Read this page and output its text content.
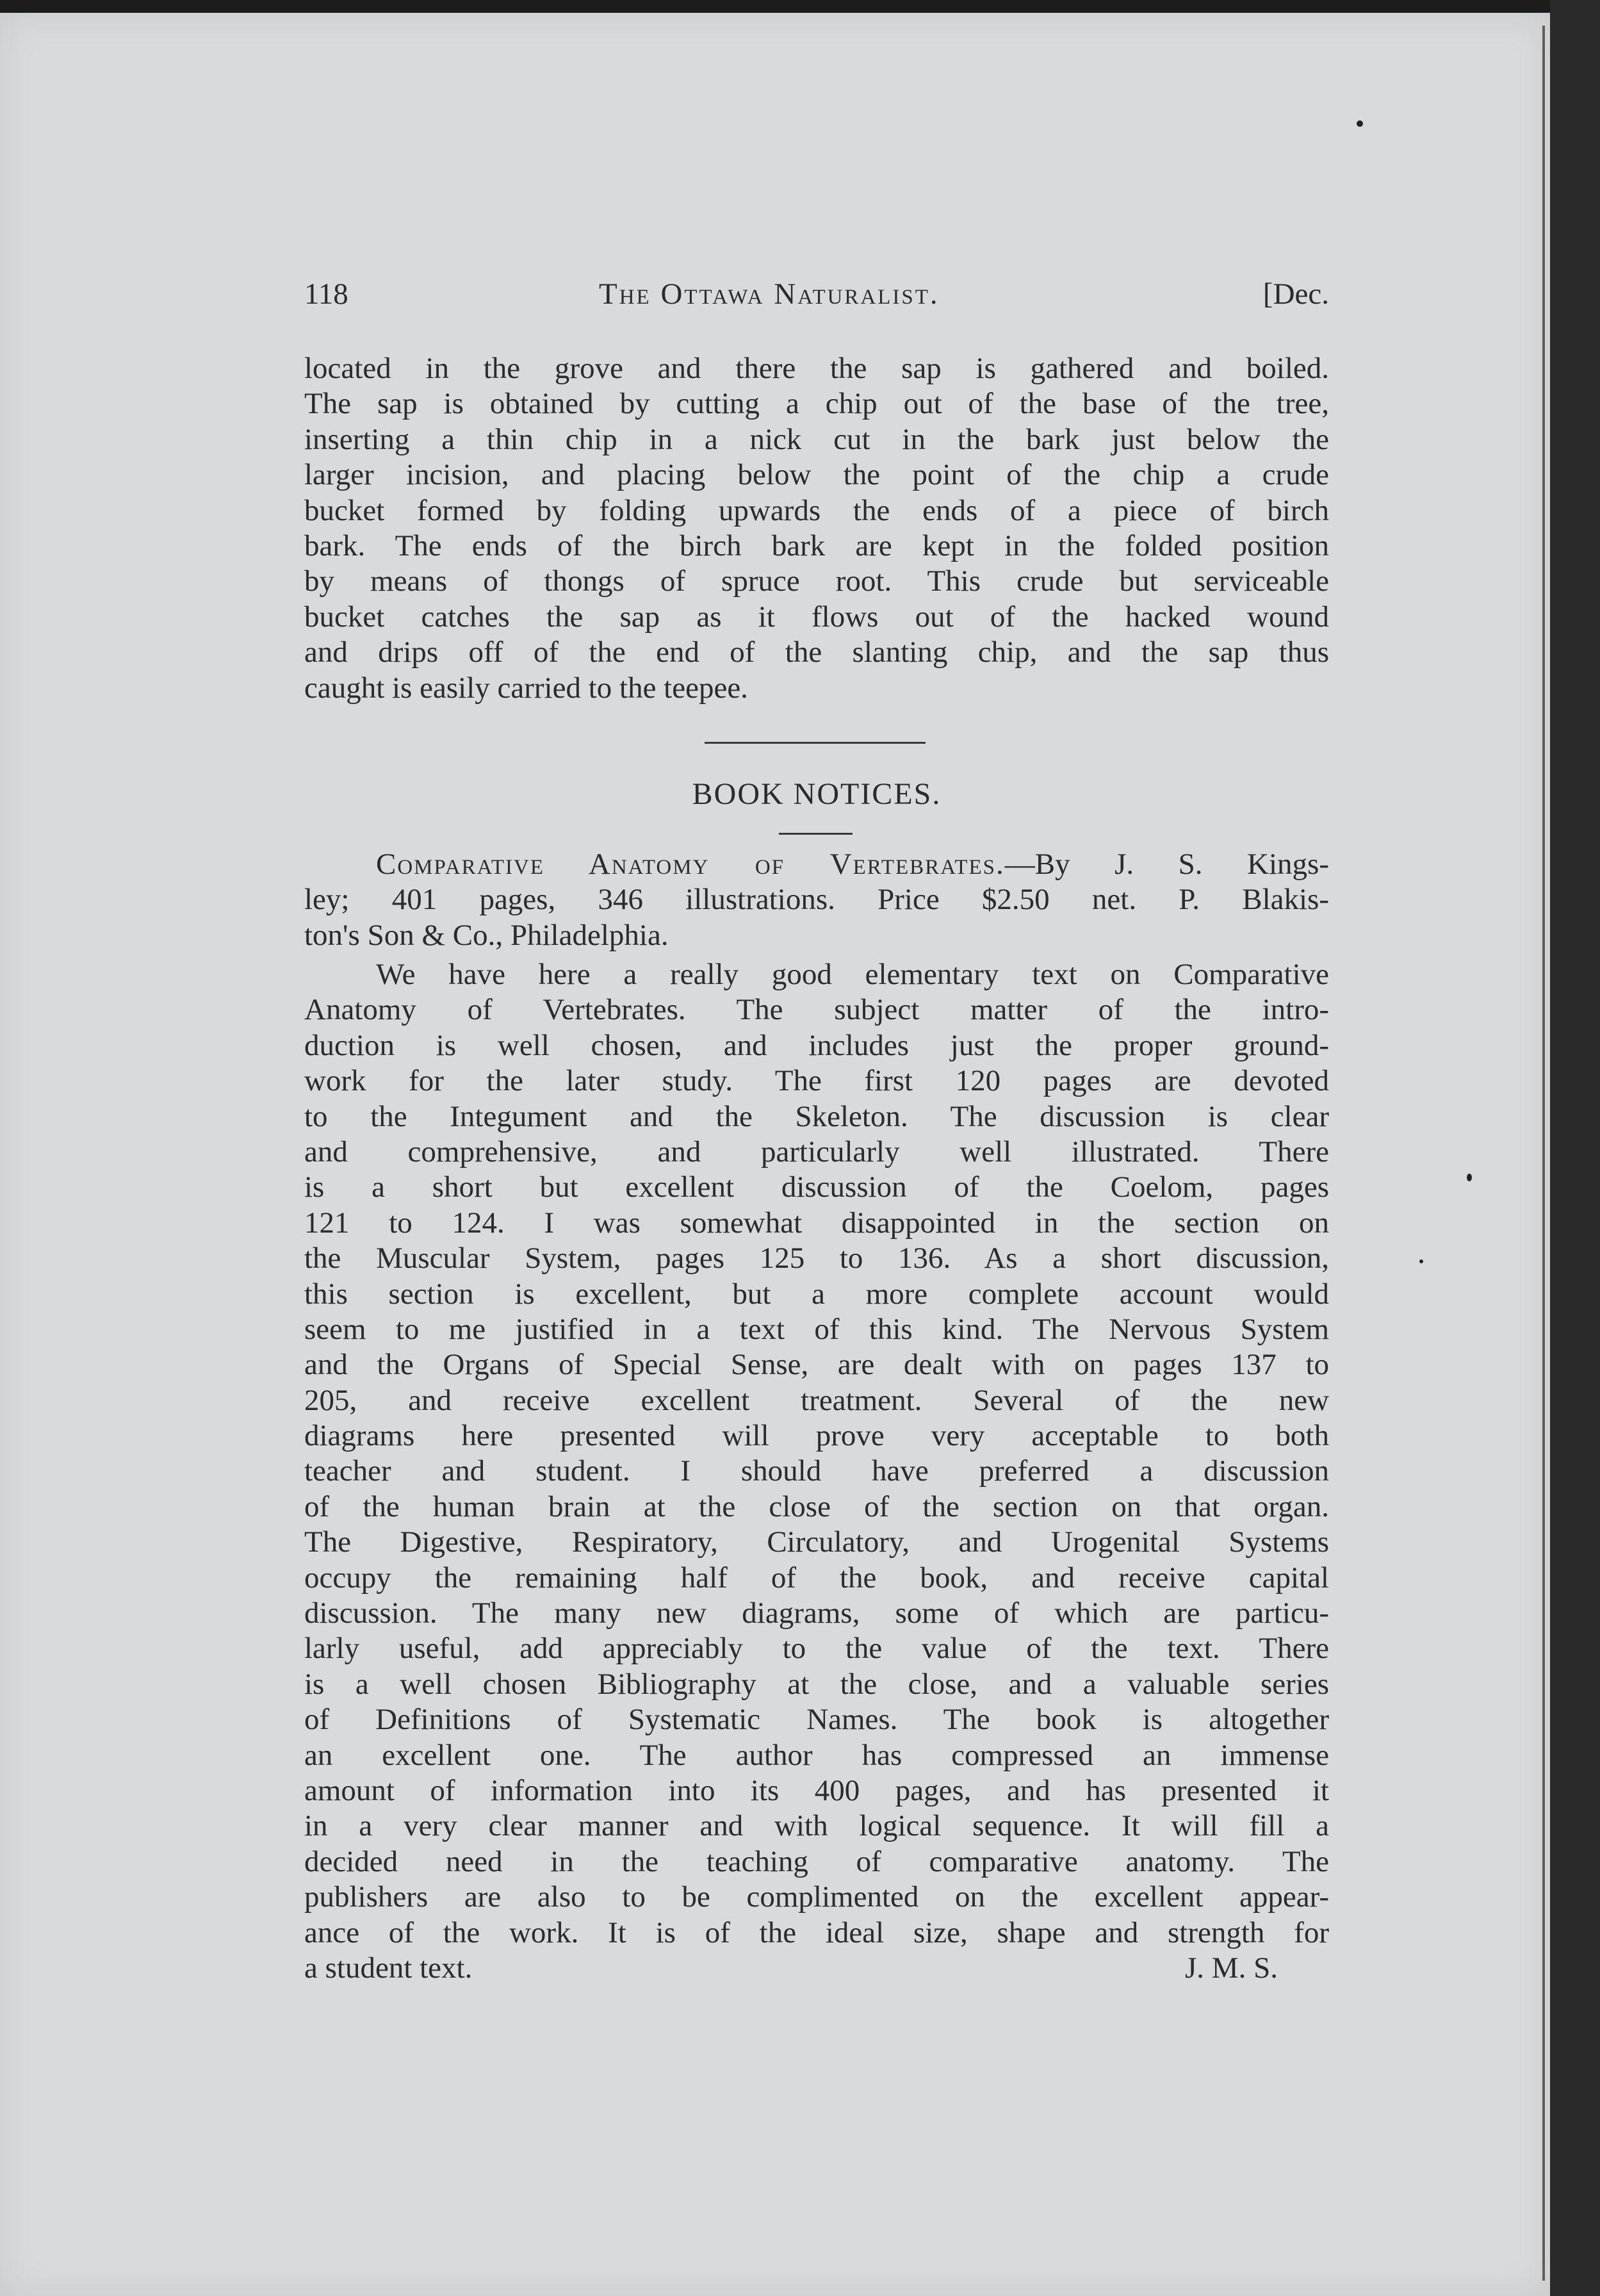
118	The Ottawa Naturalist.	[Dec.
located in the grove and there the sap is gathered and boiled.
The sap is obtained by cutting a chip out of the base of the tree,
inserting a thin chip in a nick cut in the bark just below the
larger incision, and placing below the point of the chip a crude
bucket formed by folding upwards the ends of a piece of birch
bark. The ends of the birch bark are kept in the folded position
by means of thongs of spruce root. This crude but serviceable
bucket catches the sap as it flows out of the hacked wound
and drips off of the end of the slanting chip, and the sap thus
caught is easily carried to the teepee.
BOOK NOTICES.
Comparative Anatomy of Vertebrates.—By J. S. Kings-
ley; 401 pages, 346 illustrations. Price $2.50 net. P. Blakis-
ton's Son & Co., Philadelphia.
We have here a really good elementary text on Comparative
Anatomy of Vertebrates. The subject matter of the intro-
duction is well chosen, and includes just the proper ground-
work for the later study. The first 120 pages are devoted
to the Integument and the Skeleton. The discussion is clear
and comprehensive, and particularly well illustrated. There
is a short but excellent discussion of the Coelom, pages
121 to 124. I was somewhat disappointed in the section on
the Muscular System, pages 125 to 136. As a short discussion,
this section is excellent, but a more complete account would
seem to me justified in a text of this kind. The Nervous System
and the Organs of Special Sense, are dealt with on pages 137 to
205, and receive excellent treatment. Several of the new
diagrams here presented will prove very acceptable to both
teacher and student. I should have preferred a discussion
of the human brain at the close of the section on that organ.
The Digestive, Respiratory, Circulatory, and Urogenital Systems
occupy the remaining half of the book, and receive capital
discussion. The many new diagrams, some of which are particu-
larly useful, add appreciably to the value of the text. There
is a well chosen Bibliography at the close, and a valuable series
of Definitions of Systematic Names. The book is altogether
an excellent one. The author has compressed an immense
amount of information into its 400 pages, and has presented it
in a very clear manner and with logical sequence. It will fill a
decided need in the teaching of comparative anatomy. The
publishers are also to be complimented on the excellent appear-
ance of the work. It is of the ideal size, shape and strength for
a student text.	J. M. S.
